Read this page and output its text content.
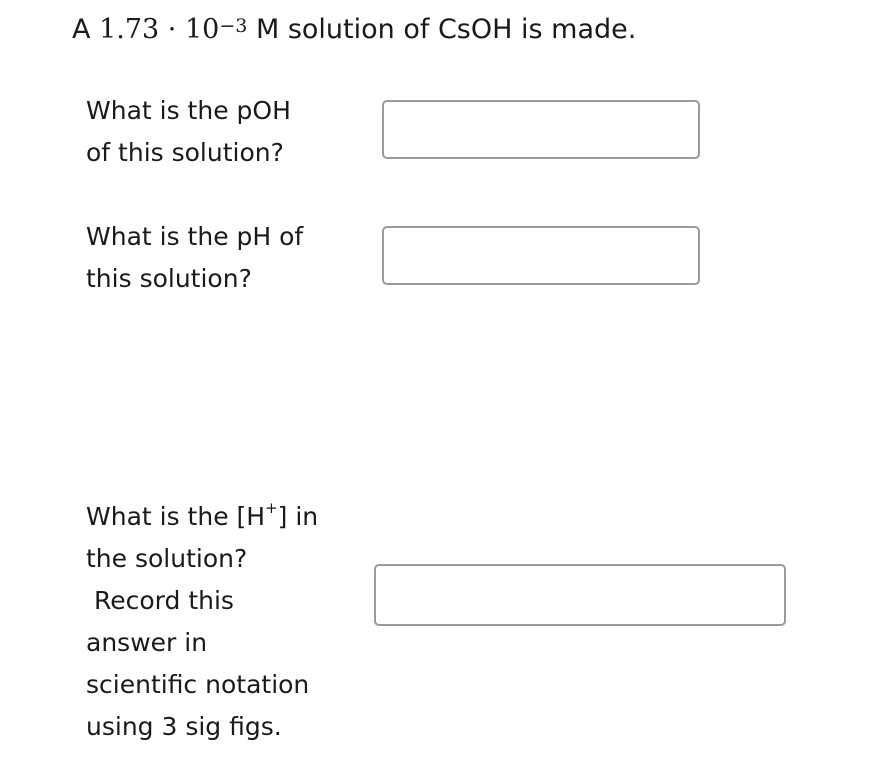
A $1.73 \cdot 10^{-3}$ M solution of CsOH is made.
What is the pOH
of this solution?
What is the pH of
this solution?
What is the [H+] in
the solution?
Record this
answer in
scientific notation
using 3 sig figs.
